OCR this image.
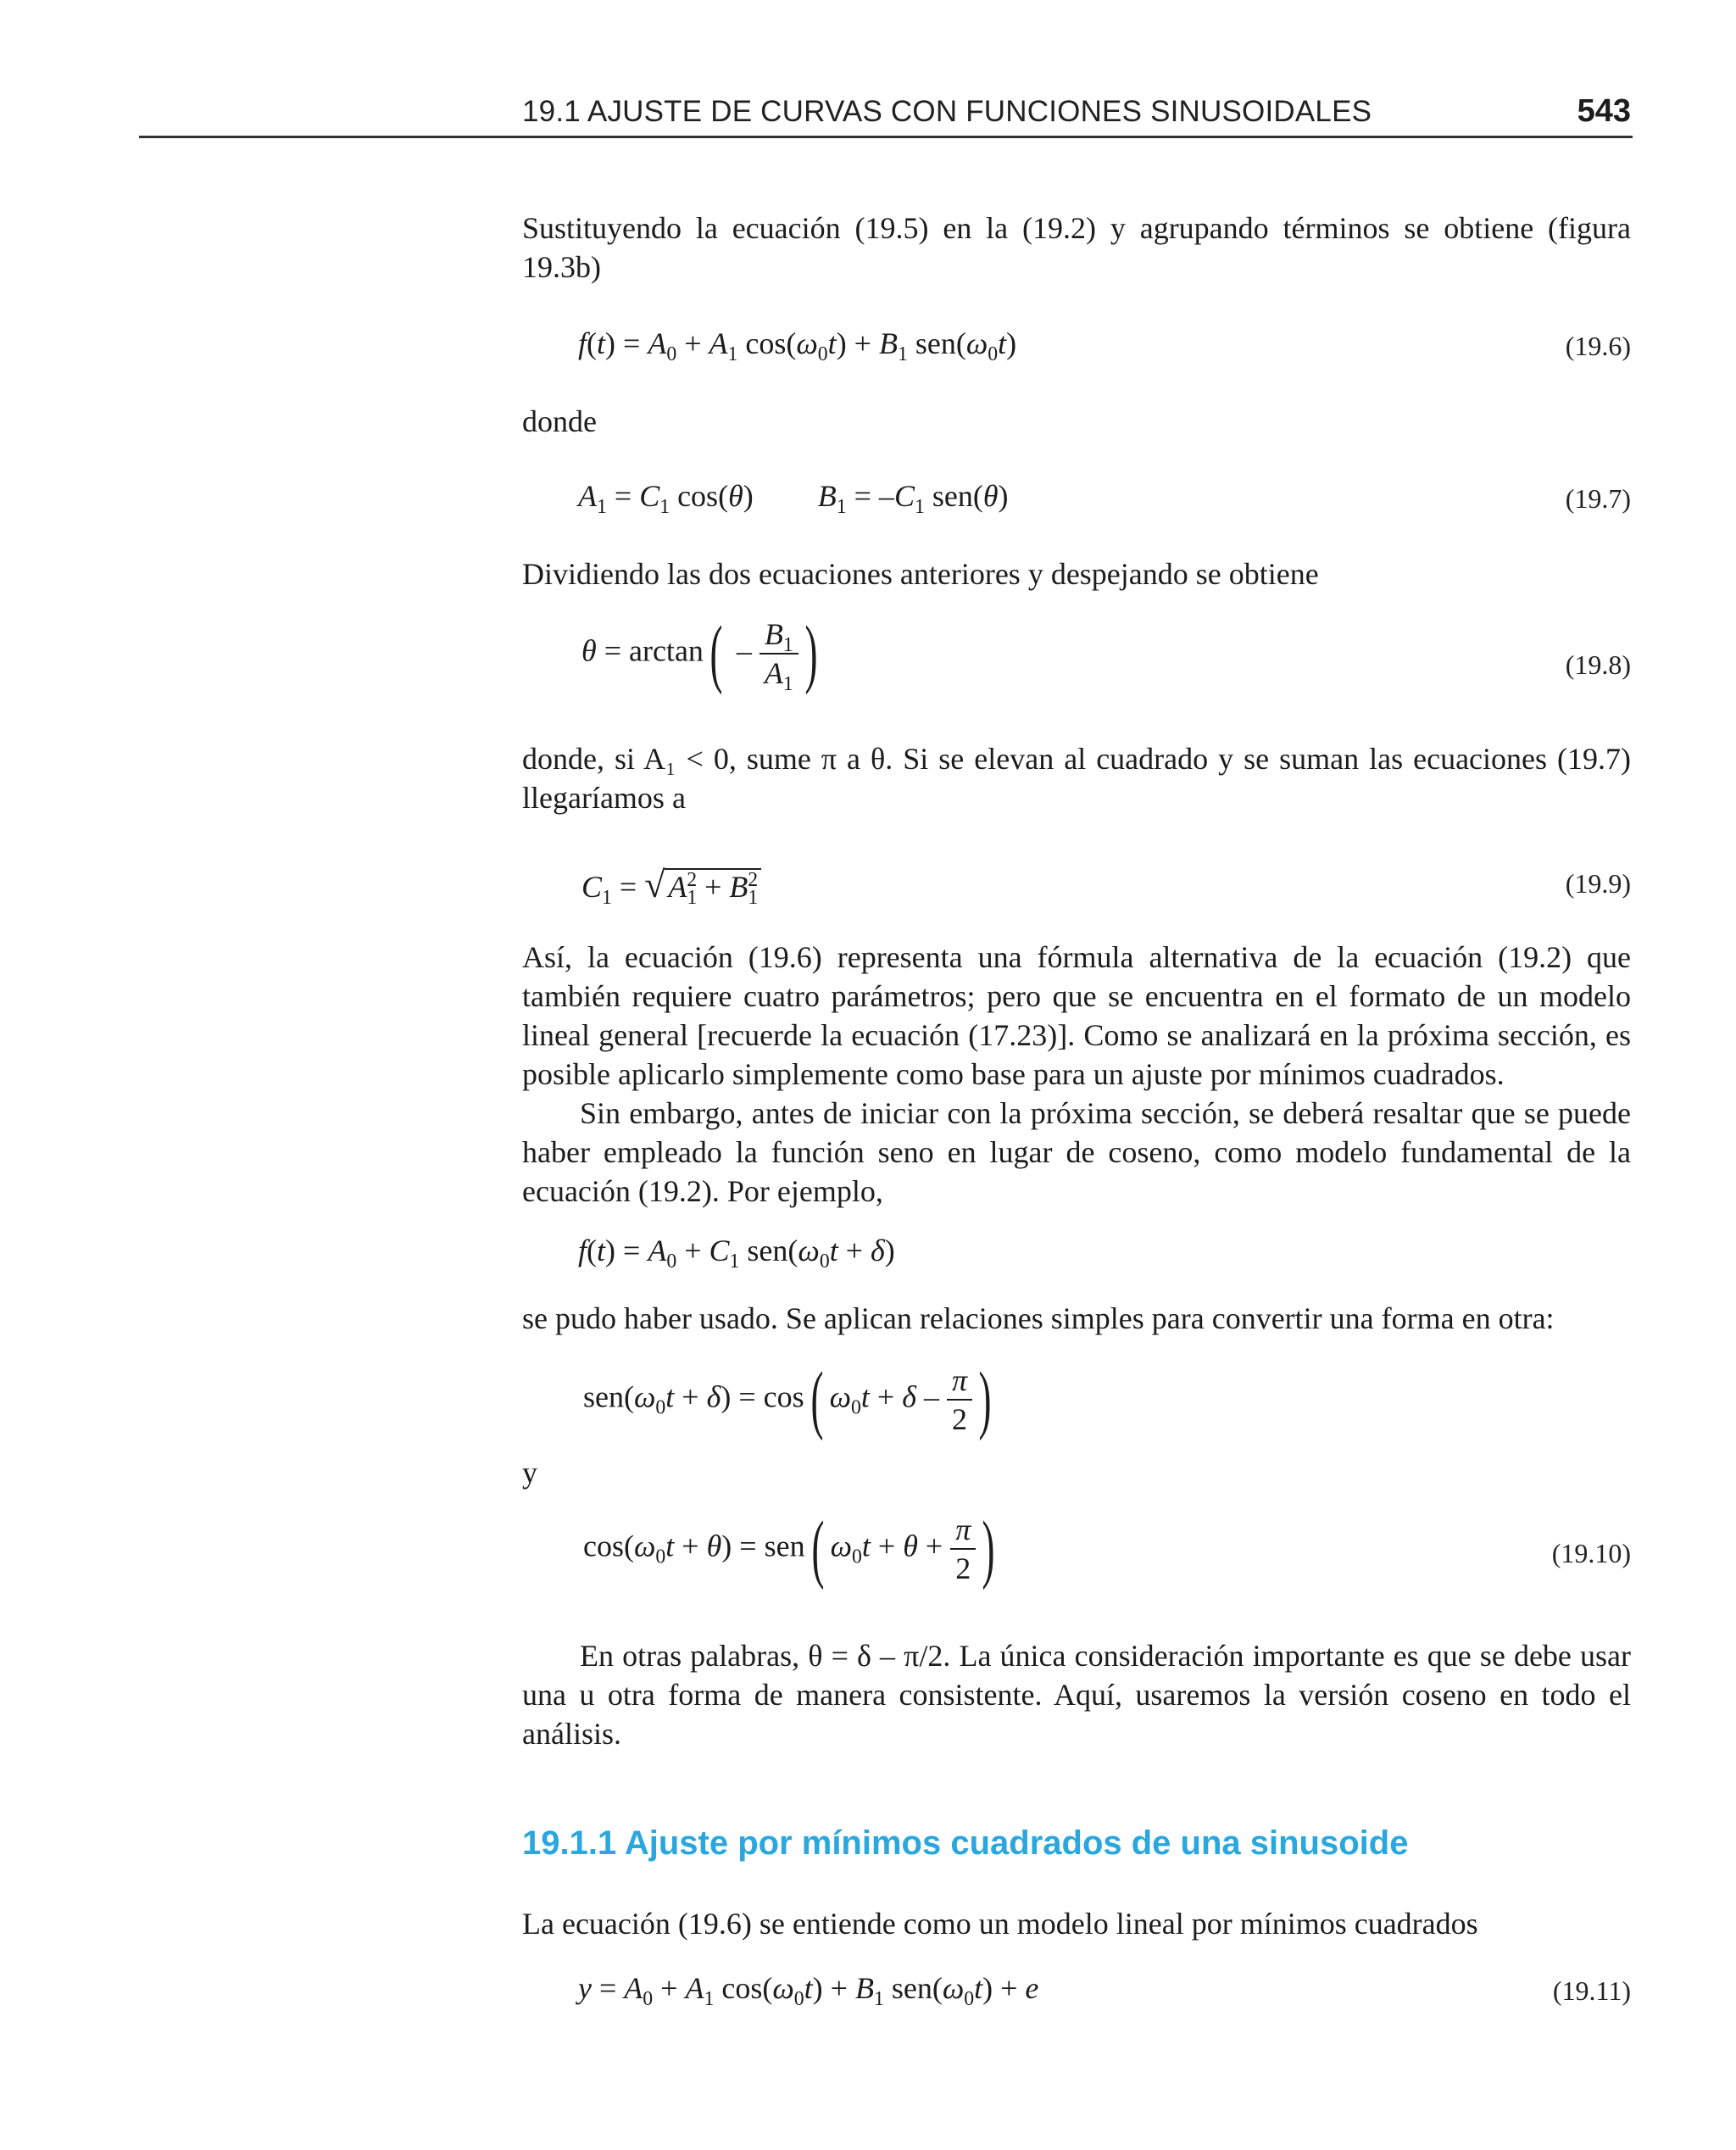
19.1 AJUSTE DE CURVAS CON FUNCIONES SINUSOIDALES	543

Sustituyendo la ecuación (19.5) en la (19.2) y agrupando términos se obtiene (figura 19.3b)

$f(t) = A_0 + A_1$ $\cos(\omega_0t) + B_1$ $sen(\omega_0t)$	(19.6)

donde

$A_1 = C_1$ cos(θ) $B_1 = -C_1$ sen(θ)	(19.7)

Dividiendo las dos ecuaciones anteriores y despejando se obtiene

$\theta = \arctan( - \frac{B_1}{A_1}$ )	(19.8)

donde, si A₁ < 0, sume π a θ. Si se elevan al cuadrado y se suman las ecuaciones (19.7) llegaríamos a

$C_1$ = √ $A_1^2 + B_1^2$	(19.9)

Así, la ecuación (19.6) representa una fórmula alternativa de la ecuación (19.2) que también requiere cuatro parámetros; pero que se encuentra en el formato de un modelo lineal general [recuerde la ecuación (17.23)]. Como se analizará en la próxima sección, es posible aplicarlo simplemente como base para un ajuste por mínimos cuadrados.

Sin embargo, antes de iniciar con la próxima sección, se deberá resaltar que se puede haber empleado la función seno en lugar de coseno, como modelo fundamental de la ecuación (19.2). Por ejemplo,

$f(t) = A_0 + C_1$ $sen(\omega_0t + \delta)$

se pudo haber usado. Se aplican relaciones simples para convertir una forma en otra:

$sen(\omega_0t + \delta) = \cos$( $\omega_0t + \delta - \frac{\pi}{2}$ )

y

$\cos(\omega_0t + \theta) = sen$( $\omega_0t + \theta + \frac{\pi}{2}$ )	(19.10)

En otras palabras, θ = δ – π/2. La única consideración importante es que se debe usar una u otra forma de manera consistente. Aquí, usaremos la versión coseno en todo el análisis.

19.1.1 Ajuste por mínimos cuadrados de una sinusoide

La ecuación (19.6) se entiende como un modelo lineal por mínimos cuadrados

$y = A_0 + A_1$ $\cos(\omega_0t) + B_1$ $sen(\omega_0t) + e$	(19.11)
